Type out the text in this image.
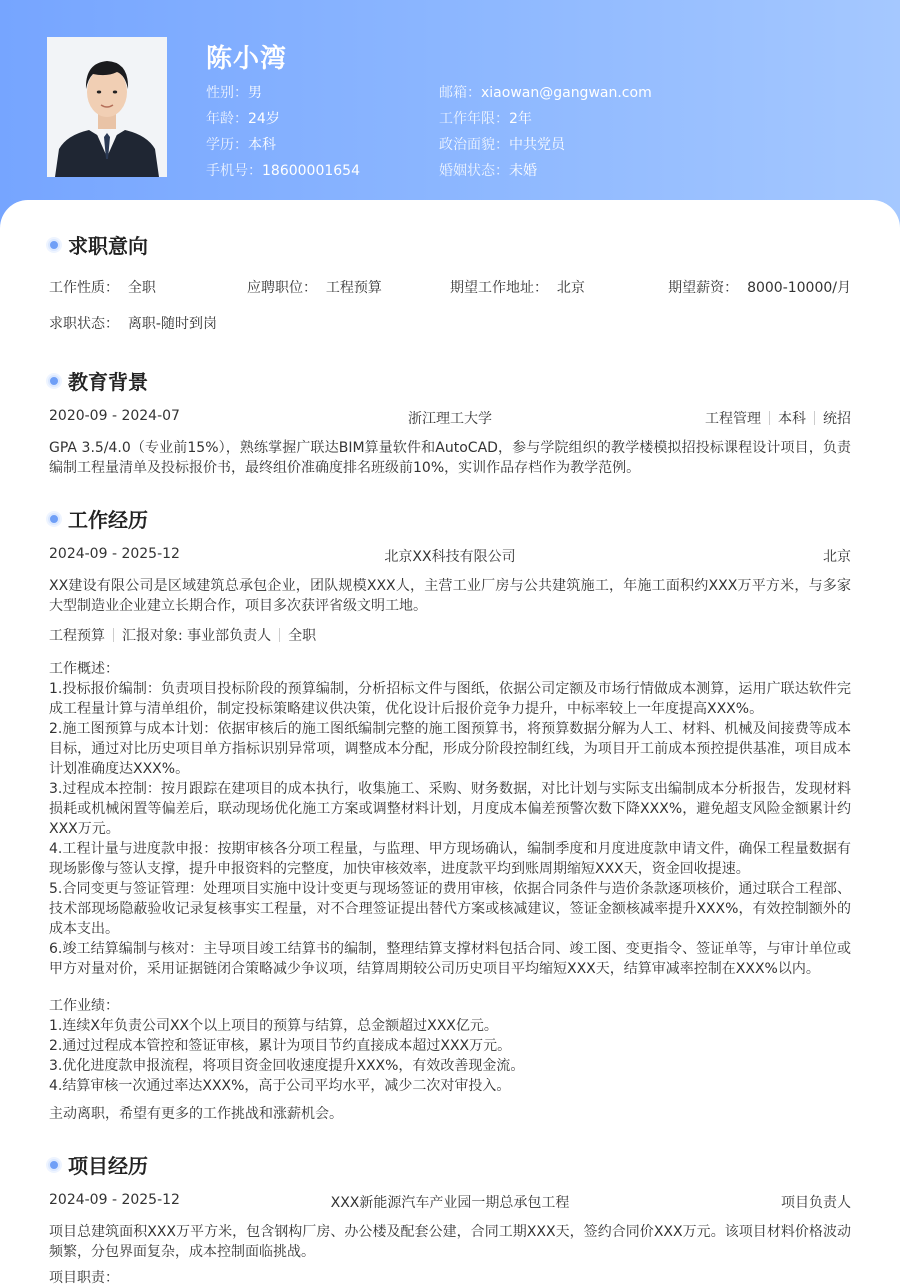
陈小湾
性别：男
年龄：24岁
学历：本科
手机号：18600001654
邮箱：xiaowan@gangwan.com
工作年限：2年
政治面貌：中共党员
婚姻状态：未婚
求职意向
工作性质： 全职	应聘职位： 工程预算	期望工作地址： 北京	期望薪资： 8000-10000/月
求职状态： 离职-随时到岗
教育背景
2020-09 - 2024-07	浙江理工大学	工程管理 本科 统招
GPA 3.5/4.0（专业前15%），熟练掌握广联达BIM算量软件和AutoCAD，参与学院组织的教学楼模拟招投标课程设计项目，负责编制工程量清单及投标报价书，最终组价准确度排名班级前10%，实训作品存档作为教学范例。
工作经历
2024-09 - 2025-12	北京XX科技有限公司	北京
XX建设有限公司是区域建筑总承包企业，团队规模XXX人，主营工业厂房与公共建筑施工，年施工面积约XXX万平方米，与多家大型制造业企业建立长期合作，项目多次获评省级文明工地。
工程预算 汇报对象: 事业部负责人 全职
工作概述：
1.投标报价编制：负责项目投标阶段的预算编制，分析招标文件与图纸，依据公司定额及市场行情做成本测算，运用广联达软件完成工程量计算与清单组价，制定投标策略建议供决策，优化设计后报价竞争力提升，中标率较上一年度提高XXX%。
2.施工图预算与成本计划：依据审核后的施工图纸编制完整的施工图预算书，将预算数据分解为人工、材料、机械及间接费等成本目标，通过对比历史项目单方指标识别异常项，调整成本分配，形成分阶段控制红线，为项目开工前成本预控提供基准，项目成本计划准确度达XXX%。
3.过程成本控制：按月跟踪在建项目的成本执行，收集施工、采购、财务数据，对比计划与实际支出编制成本分析报告，发现材料损耗或机械闲置等偏差后，联动现场优化施工方案或调整材料计划，月度成本偏差预警次数下降XXX%，避免超支风险金额累计约XXX万元。
4.工程计量与进度款申报：按期审核各分项工程量，与监理、甲方现场确认，编制季度和月度进度款申请文件，确保工程量数据有现场影像与签认支撑，提升申报资料的完整度，加快审核效率，进度款平均到账周期缩短XXX天，资金回收提速。
5.合同变更与签证管理：处理项目实施中设计变更与现场签证的费用审核，依据合同条件与造价条款逐项核价，通过联合工程部、技术部现场隐蔽验收记录复核事实工程量，对不合理签证提出替代方案或核减建议，签证金额核减率提升XXX%，有效控制额外的成本支出。
6.竣工结算编制与核对：主导项目竣工结算书的编制，整理结算支撑材料包括合同、竣工图、变更指令、签证单等，与审计单位或甲方对量对价，采用证据链闭合策略减少争议项，结算周期较公司历史项目平均缩短XXX天，结算审减率控制在XXX%以内。
工作业绩：
1.连续X年负责公司XX个以上项目的预算与结算，总金额超过XXX亿元。
2.通过过程成本管控和签证审核，累计为项目节约直接成本超过XXX万元。
3.优化进度款申报流程，将项目资金回收速度提升XXX%，有效改善现金流。
4.结算审核一次通过率达XXX%，高于公司平均水平，减少二次对审投入。
主动离职，希望有更多的工作挑战和涨薪机会。
项目经历
2024-09 - 2025-12	XXX新能源汽车产业园一期总承包工程	项目负责人
项目总建筑面积XXX万平方米，包含钢构厂房、办公楼及配套公建，合同工期XXX天，签约合同价XXX万元。该项目材料价格波动频繁，分包界面复杂，成本控制面临挑战。
项目职责：
